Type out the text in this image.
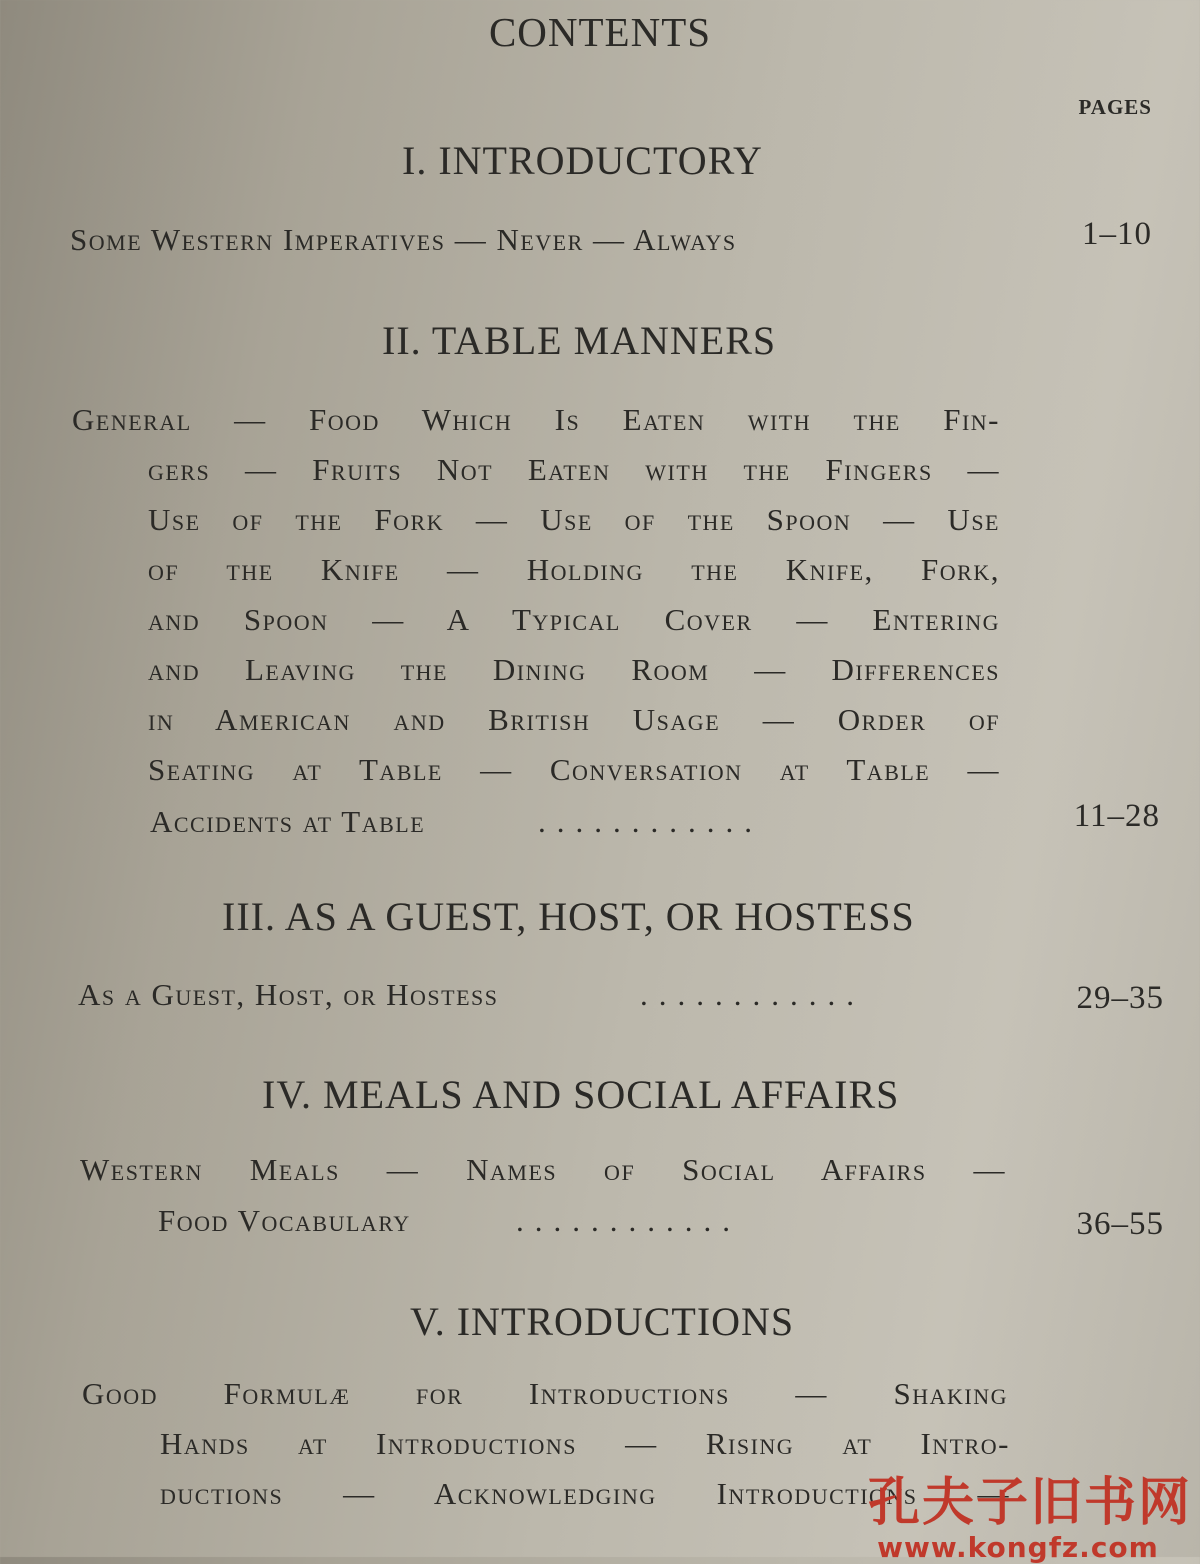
CONTENTS
PAGES
I. INTRODUCTORY
Some Western Imperatives — Never — Always	1–10
II. TABLE MANNERS
General — Food Which Is Eaten with the Fin-
gers — Fruits Not Eaten with the Fingers —
Use of the Fork — Use of the Spoon — Use
of the Knife — Holding the Knife, Fork,
and Spoon — A Typical Cover — Entering
and Leaving the Dining Room — Differences
in American and British Usage — Order of
Seating at Table — Conversation at Table —
Accidents at Table	............	11–28
III. AS A GUEST, HOST, OR HOSTESS
As a Guest, Host, or Hostess	............	29–35
IV. MEALS AND SOCIAL AFFAIRS
Western Meals — Names of Social Affairs —
Food Vocabulary	............	36–55
V. INTRODUCTIONS
Good Formulæ for Introductions — Shaking
Hands at Introductions — Rising at Intro-
ductions — Acknowledging Introductions —
孔夫子旧书网
www.kongfz.com
